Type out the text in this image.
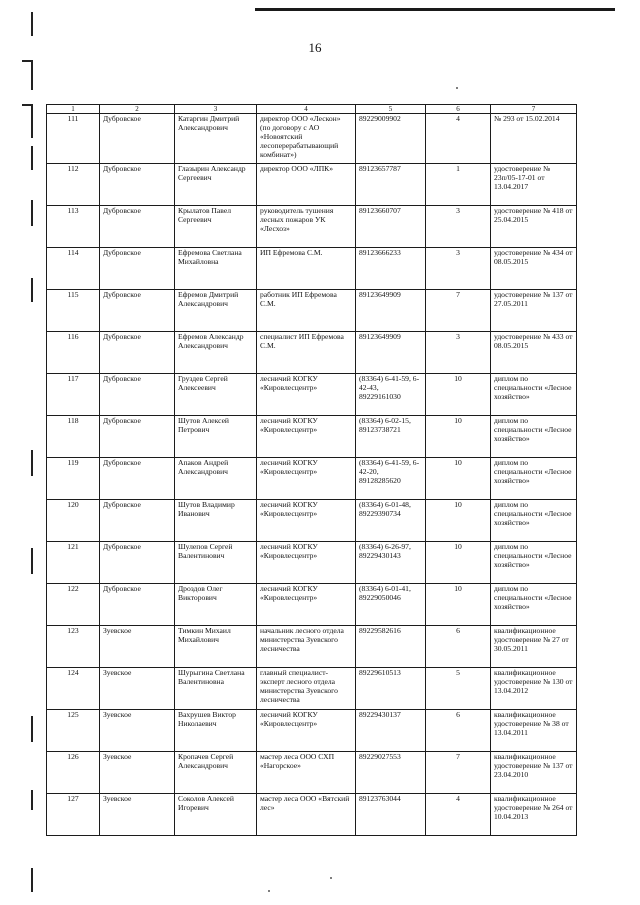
16
1	2	3	4	5	6	7
111	Дубровское	Катаргин Дмитрий Александрович	директор ООО «Лескон» (по договору с АО «Новоятский лесоперерабатывающий комбинат»)	89229009902	4	№ 293 от 15.02.2014
112	Дубровское	Глазырин Александр Сергеевич	директор ООО «ЛПК»	89123657787	1	удостоверение № 23п/05-17-01 от 13.04.2017
113	Дубровское	Крылатов Павел Сергеевич	руководитель тушения лесных пожаров УК «Лесхоз»	89123660707	3	удостоверение № 418 от 25.04.2015
114	Дубровское	Ефремова Светлана Михайловна	ИП Ефремова С.М.	89123666233	3	удостоверение № 434 от 08.05.2015
115	Дубровское	Ефремов Дмитрий Александрович	работник ИП Ефремова С.М.	89123649909	7	удостоверение № 137 от 27.05.2011
116	Дубровское	Ефремов Александр Александрович	специалист ИП Ефремова С.М.	89123649909	3	удостоверение № 433 от 08.05.2015
117	Дубровское	Груздев Сергей Алексеевич	лесничий КОГКУ «Кировлесцентр»	(83364) 6-41-59, 6-42-43, 89229161030	10	диплом по специальности «Лесное хозяйство»
118	Дубровское	Шутов Алексей Петрович	лесничий КОГКУ «Кировлесцентр»	(83364) 6-02-15, 89123738721	10	диплом по специальности «Лесное хозяйство»
119	Дубровское	Апаков Андрей Александрович	лесничий КОГКУ «Кировлесцентр»	(83364) 6-41-59, 6-42-20, 89128285620	10	диплом по специальности «Лесное хозяйство»
120	Дубровское	Шутов Владимир Иванович	лесничий КОГКУ «Кировлесцентр»	(83364) 6-01-48, 89229390734	10	диплом по специальности «Лесное хозяйство»
121	Дубровское	Шулепов Сергей Валентинович	лесничий КОГКУ «Кировлесцентр»	(83364) 6-26-97, 89229430143	10	диплом по специальности «Лесное хозяйство»
122	Дубровское	Дроздов Олег Викторович	лесничий КОГКУ «Кировлесцентр»	(83364) 6-01-41, 89229050046	10	диплом по специальности «Лесное хозяйство»
123	Зуевское	Тимкин Михаил Михайлович	начальник лесного отдела министерства Зуевского лесничества	89229582616	6	квалификационное удостоверение № 27 от 30.05.2011
124	Зуевское	Шурыгина Светлана Валентиновна	главный специалист-эксперт лесного отдела министерства Зуевского лесничества	89229610513	5	квалификационное удостоверение № 130 от 13.04.2012
125	Зуевское	Вахрушев Виктор Николаевич	лесничий КОГКУ «Кировлесцентр»	89229430137	6	квалификационное удостоверение № 38 от 13.04.2011
126	Зуевское	Кропачев Сергей Александрович	мастер леса ООО СХП «Нагорское»	89229027553	7	квалификационное удостоверение № 137 от 23.04.2010
127	Зуевское	Соколов Алексей Игоревич	мастер леса ООО «Вятский лес»	89123763044	4	квалификационное удостоверение № 264 от 10.04.2013
